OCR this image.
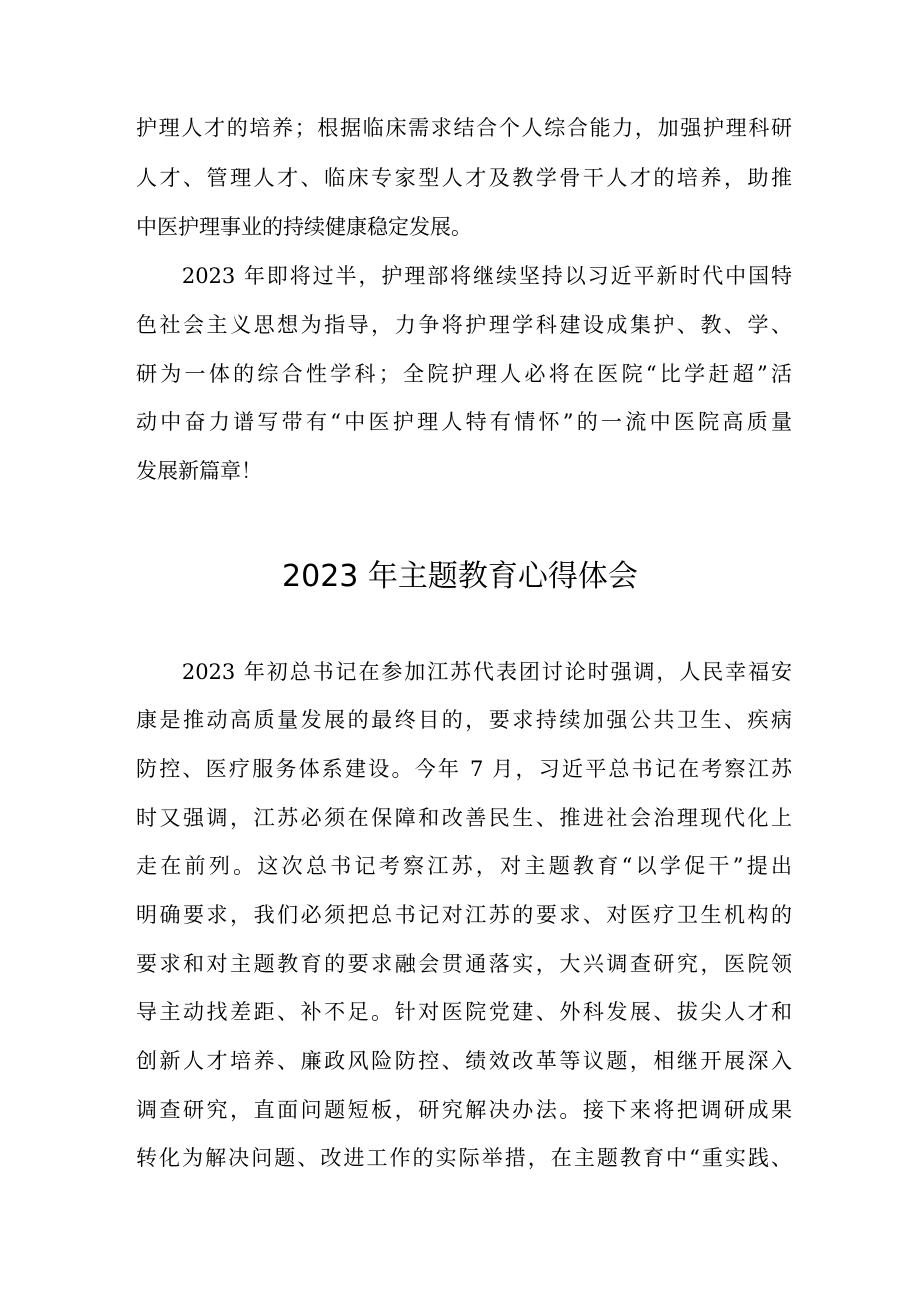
护理人才的培养；根据临床需求结合个人综合能力，加强护理科研

人才、管理人才、临床专家型人才及教学骨干人才的培养，助推

中医护理事业的持续健康稳定发展。

　　2023 年即将过半，护理部将继续坚持以习近平新时代中国特

色社会主义思想为指导，力争将护理学科建设成集护、教、学、

研为一体的综合性学科；全院护理人必将在医院“比学赶超”活

动中奋力谱写带有“中医护理人特有情怀”的一流中医院高质量

发展新篇章！

2023 年主题教育心得体会

　　2023 年初总书记在参加江苏代表团讨论时强调，人民幸福安

康是推动高质量发展的最终目的，要求持续加强公共卫生、疾病

防控、医疗服务体系建设。今年 7 月，习近平总书记在考察江苏

时又强调，江苏必须在保障和改善民生、推进社会治理现代化上

走在前列。这次总书记考察江苏，对主题教育“以学促干”提出

明确要求，我们必须把总书记对江苏的要求、对医疗卫生机构的

要求和对主题教育的要求融会贯通落实，大兴调查研究，医院领

导主动找差距、补不足。针对医院党建、外科发展、拔尖人才和

创新人才培养、廉政风险防控、绩效改革等议题，相继开展深入

调查研究，直面问题短板，研究解决办法。接下来将把调研成果

转化为解决问题、改进工作的实际举措，在主题教育中“重实践、
